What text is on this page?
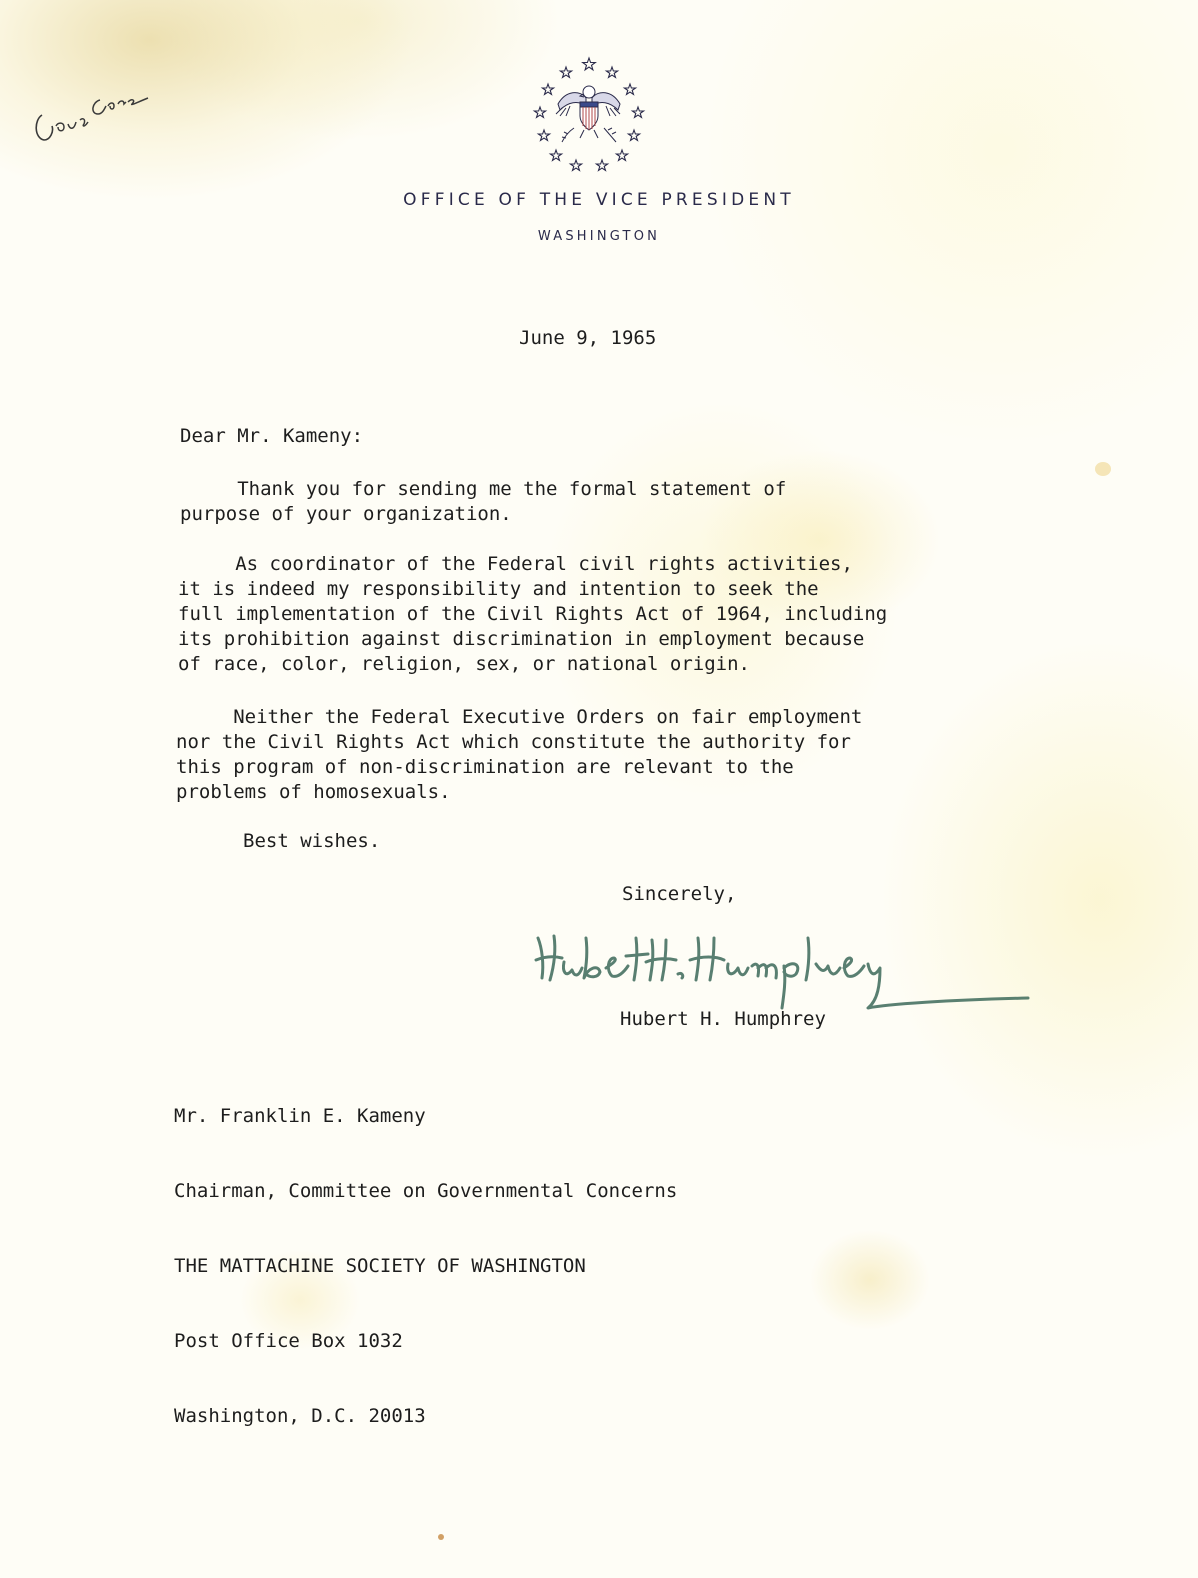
OFFICE OF THE VICE PRESIDENT
WASHINGTON
June 9, 1965
Dear Mr. Kameny:
Thank you for sending me the formal statement of
purpose of your organization.
As coordinator of the Federal civil rights activities,
it is indeed my responsibility and intention to seek the
full implementation of the Civil Rights Act of 1964, including
its prohibition against discrimination in employment because
of race, color, religion, sex, or national origin.
Neither the Federal Executive Orders on fair employment
nor the Civil Rights Act which constitute the authority for
this program of non-discrimination are relevant to the
problems of homosexuals.
Best wishes.
Sincerely,
Hubert H. Humphrey

Mr. Franklin E. Kameny

Chairman, Committee on Governmental Concerns

THE MATTACHINE SOCIETY OF WASHINGTON

Post Office Box 1032

Washington, D.C. 20013
